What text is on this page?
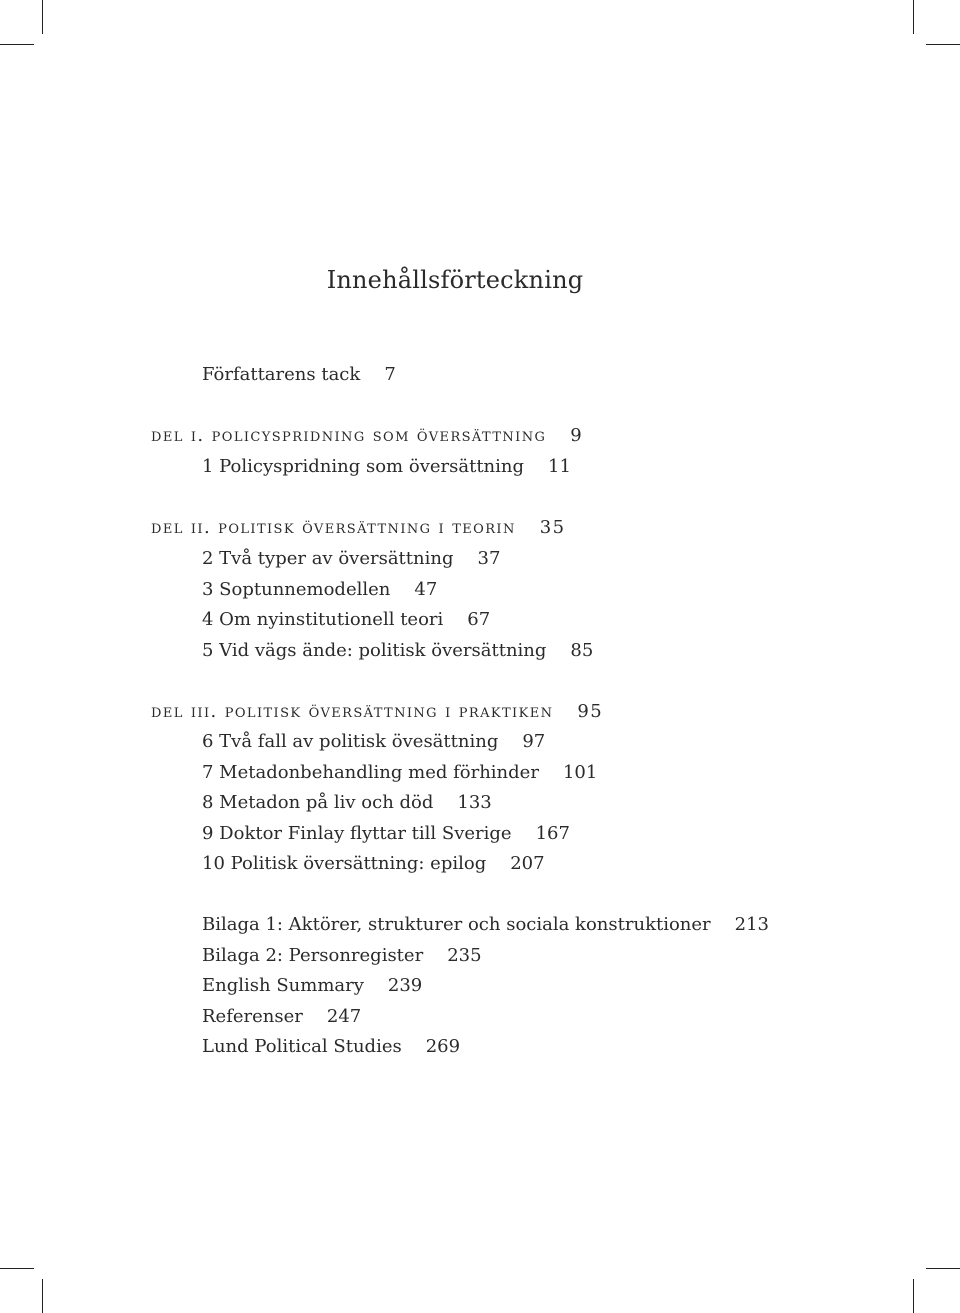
Innehållsförteckning
Författarens tack 7
del i. policyspridning som översättning 9
1 Policyspridning som översättning 11
del ii. politisk översättning i teorin 35
2 Två typer av översättning 37
3 Soptunnemodellen 47
4 Om nyinstitutionell teori 67
5 Vid vägs ände: politisk översättning 85
del iii. politisk översättning i praktiken 95
6 Två fall av politisk övesättning 97
7 Metadonbehandling med förhinder 101
8 Metadon på liv och död 133
9 Doktor Finlay flyttar till Sverige 167
10 Politisk översättning: epilog 207
Bilaga 1: Aktörer, strukturer och sociala konstruktioner 213
Bilaga 2: Personregister 235
English Summary 239
Referenser 247
Lund Political Studies 269
